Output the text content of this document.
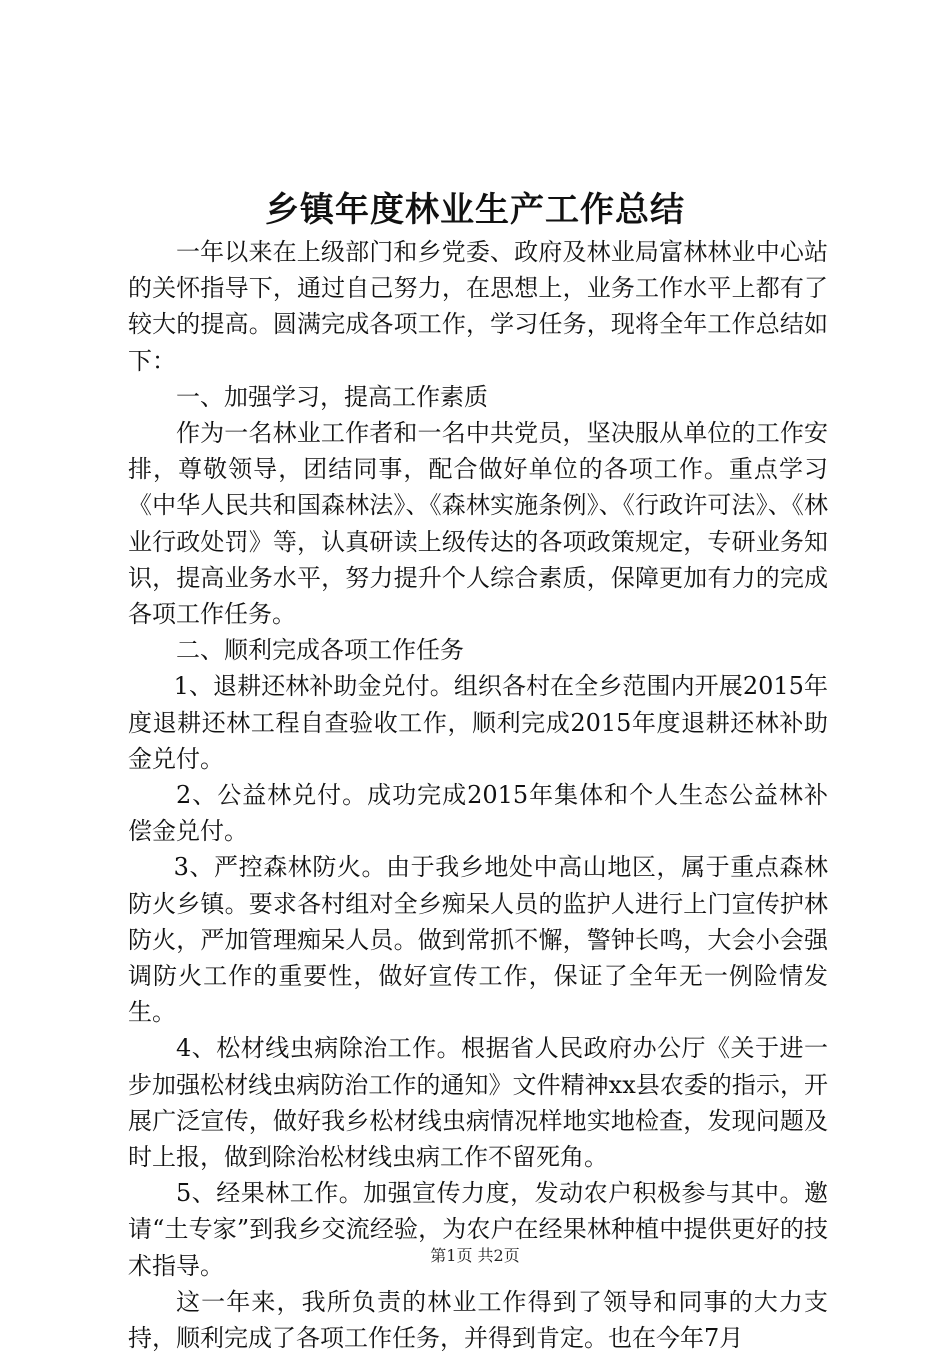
乡镇年度林业生产工作总结

一年以来在上级部门和乡党委、政府及林业局富林林业中心站的关怀指导下，通过自己努力，在思想上，业务工作水平上都有了较大的提高。圆满完成各项工作，学习任务，现将全年工作总结如下：

一、加强学习，提高工作素质

作为一名林业工作者和一名中共党员，坚决服从单位的工作安排，尊敬领导，团结同事，配合做好单位的各项工作。重点学习《中华人民共和国森林法》、《森林实施条例》、《行政许可法》、《林业行政处罚》等，认真研读上级传达的各项政策规定，专研业务知识，提高业务水平，努力提升个人综合素质，保障更加有力的完成各项工作任务。

二、顺利完成各项工作任务

1、退耕还林补助金兑付。组织各村在全乡范围内开展2015年度退耕还林工程自查验收工作，顺利完成2015年度退耕还林补助金兑付。

2、公益林兑付。成功完成2015年集体和个人生态公益林补偿金兑付。

3、严控森林防火。由于我乡地处中高山地区，属于重点森林防火乡镇。要求各村组对全乡痴呆人员的监护人进行上门宣传护林防火，严加管理痴呆人员。做到常抓不懈，警钟长鸣，大会小会强调防火工作的重要性，做好宣传工作，保证了全年无一例险情发生。

4、松材线虫病除治工作。根据省人民政府办公厅《关于进一步加强松材线虫病防治工作的通知》文件精神xx县农委的指示，开展广泛宣传，做好我乡松材线虫病情况样地实地检查，发现问题及时上报，做到除治松材线虫病工作不留死角。

5、经果林工作。加强宣传力度，发动农户积极参与其中。邀请“土专家”到我乡交流经验，为农户在经果林种植中提供更好的技术指导。

这一年来，我所负责的林业工作得到了领导和同事的大力支持，顺利完成了各项工作任务，并得到肯定。也在今年7月

第1页 共2页
